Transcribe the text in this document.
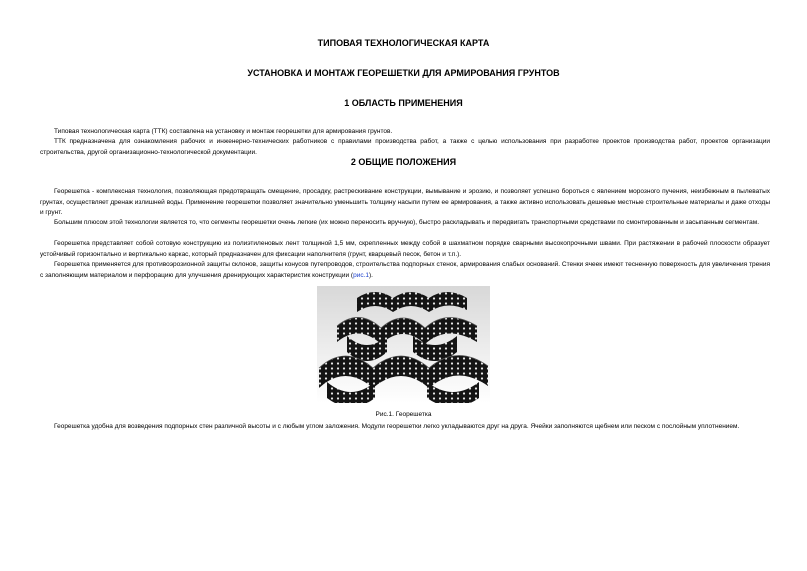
ТИПОВАЯ ТЕХНОЛОГИЧЕСКАЯ КАРТА
УСТАНОВКА И МОНТАЖ ГЕОРЕШЕТКИ ДЛЯ АРМИРОВАНИЯ ГРУНТОВ
1 ОБЛАСТЬ ПРИМЕНЕНИЯ

Типовая технологическая карта (ТТК) составлена на установку и монтаж георешетки для армирования грунтов.

ТТК предназначена для ознакомления рабочих и инженерно-технических работников с правилами производства работ, а также с целью использования при разработке проектов производства работ, проектов организации строительства, другой организационно-технологической документации.

2 ОБЩИЕ ПОЛОЖЕНИЯ

Георешетка - комплексная технология, позволяющая предотвращать смещение, просадку, растрескивание конструкции, вымывание и эрозию, и позволяет успешно бороться с явлением морозного пучения, неизбежным в пылеватых грунтах, осуществляет дренаж излишней воды. Применение георешетки позволяет значительно уменьшить толщину насыпи путем ее армирования, а также активно использовать дешевые местные строительные материалы и даже отходы и грунт.

Большим плюсом этой технологии является то, что сегменты георешетки очень легкие (их можно переносить вручную), быстро раскладывать и передвигать транспортными средствами по смонтированным и засыпанным сегментам.

Георешетка представляет собой сотовую конструкцию из полиэтиленовых лент толщиной 1,5 мм, скрепленных между собой в шахматном порядке сварными высокопрочными швами. При растяжении в рабочей плоскости образует устойчивый горизонтально и вертикально каркас, который предназначен для фиксации наполнителя (грунт, кварцевый песок, бетон и т.п.).

Георешетка применяется для противоэрозионной защиты склонов, защиты конусов путепроводов, строительства подпорных стенок, армирования слабых оснований. Стенки ячеек имеют тесненную поверхность для увеличения трения с заполняющим материалом и перфорацию для улучшения дренирующих характеристик конструкции (рис.1).

Рис.1. Георешетка

Георешетка удобна для возведения подпорных стен различной высоты и с любым углом заложения. Модули георешетки легко укладываются друг на друга. Ячейки заполняются щебнем или песком с послойным уплотнением.
